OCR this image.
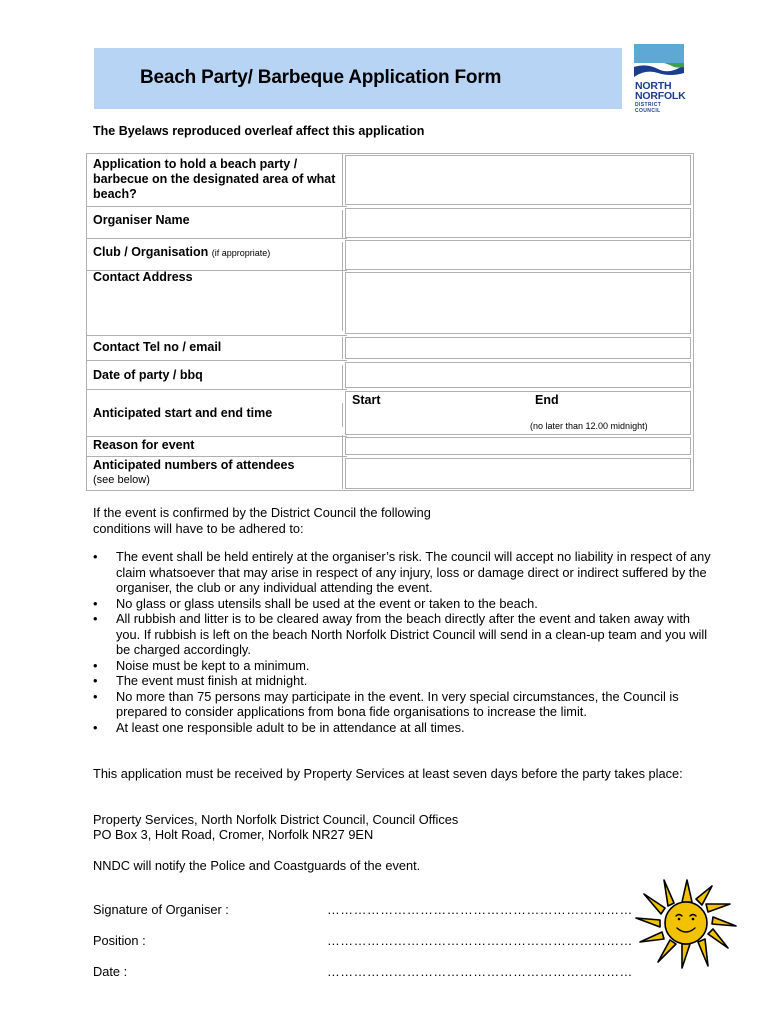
Beach Party/ Barbeque Application Form	NORTH
NORFOLK
DISTRICT COUNCIL
The Byelaws reproduced overleaf affect this application
Application to hold a beach party / barbecue on the designated area of what beach?
Organiser Name
Club / Organisation (if appropriate)
Contact Address
Contact Tel no / email
Date of party / bbq
Anticipated start and end time
Start	End
(no later than 12.00 midnight)
Reason for event
Anticipated numbers of attendees
(see below)
If the event is confirmed by the District Council the following conditions will have to be adhered to:
• The event shall be held entirely at the organiser’s risk. The council will accept no liability in respect of any claim whatsoever that may arise in respect of any injury, loss or damage direct or indirect suffered by the organiser, the club or any individual attending the event.
• No glass or glass utensils shall be used at the event or taken to the beach.
• All rubbish and litter is to be cleared away from the beach directly after the event and taken away with you. If rubbish is left on the beach North Norfolk District Council will send in a clean-up team and you will be charged accordingly.
• Noise must be kept to a minimum.
• The event must finish at midnight.
• No more than 75 persons may participate in the event. In very special circumstances, the Council is prepared to consider applications from bona fide organisations to increase the limit.
• At least one responsible adult to be in attendance at all times.
This application must be received by Property Services at least seven days before the party takes place:
Property Services, North Norfolk District Council, Council Offices
PO Box 3, Holt Road, Cromer, Norfolk NR27 9EN
NNDC will notify the Police and Coastguards of the event.
Signature of Organiser :	……………………………………………………………
Position :	……………………………………………………………
Date :	……………………………………………………………
